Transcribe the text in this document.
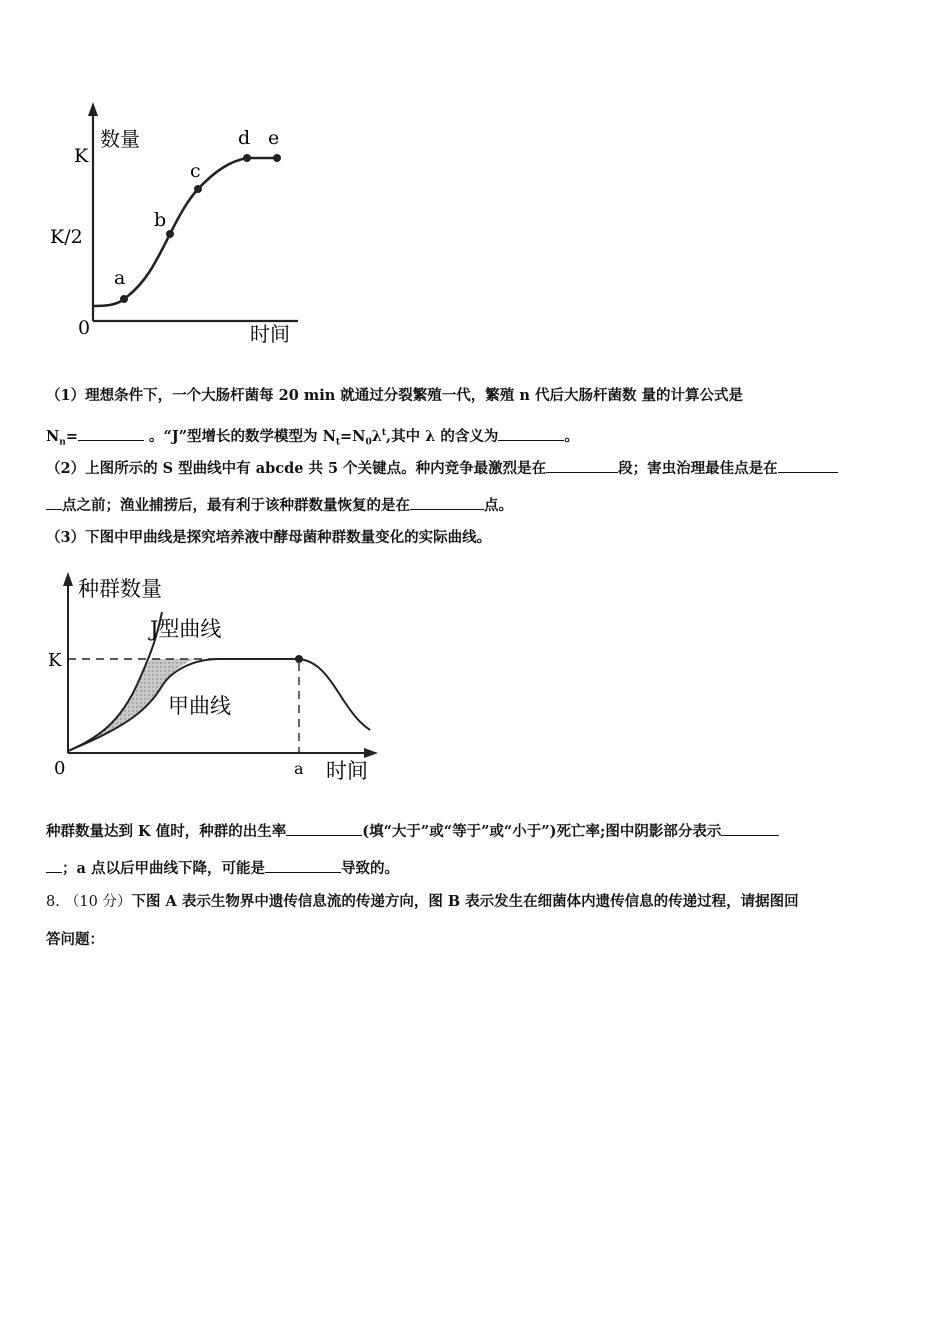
a
b
c
d e
数量
K
K/2
0	时间
（1）理想条件下，一个大肠杆菌每 20 min 就通过分裂繁殖一代，繁殖 n 代后大肠杆菌数 量的计算公式是
$N_n=$	。“J”型增长的数学模型为 $N_t=N_0\lambda^t$,其中 λ 的含义为	。
（2）上图所示的 S 型曲线中有 abcde 共 5 个关键点。种内竞争最激烈是在	段；害虫治理最佳点是在
点之前；渔业捕捞后，最有利于该种群数量恢复的是在	点。
（3）下图中甲曲线是探究培养液中酵母菌种群数量变化的实际曲线。
种群数量
J型曲线
甲曲线
K
0	a 时间
种群数量达到 K 值时，种群的出生率	(填“大于”或“等于”或“小于”)死亡率;图中阴影部分表示
；a 点以后甲曲线下降，可能是	导致的。
8. （10 分）下图 A 表示生物界中遗传信息流的传递方向，图 B 表示发生在细菌体内遗传信息的传递过程，请据图回
答问题：
